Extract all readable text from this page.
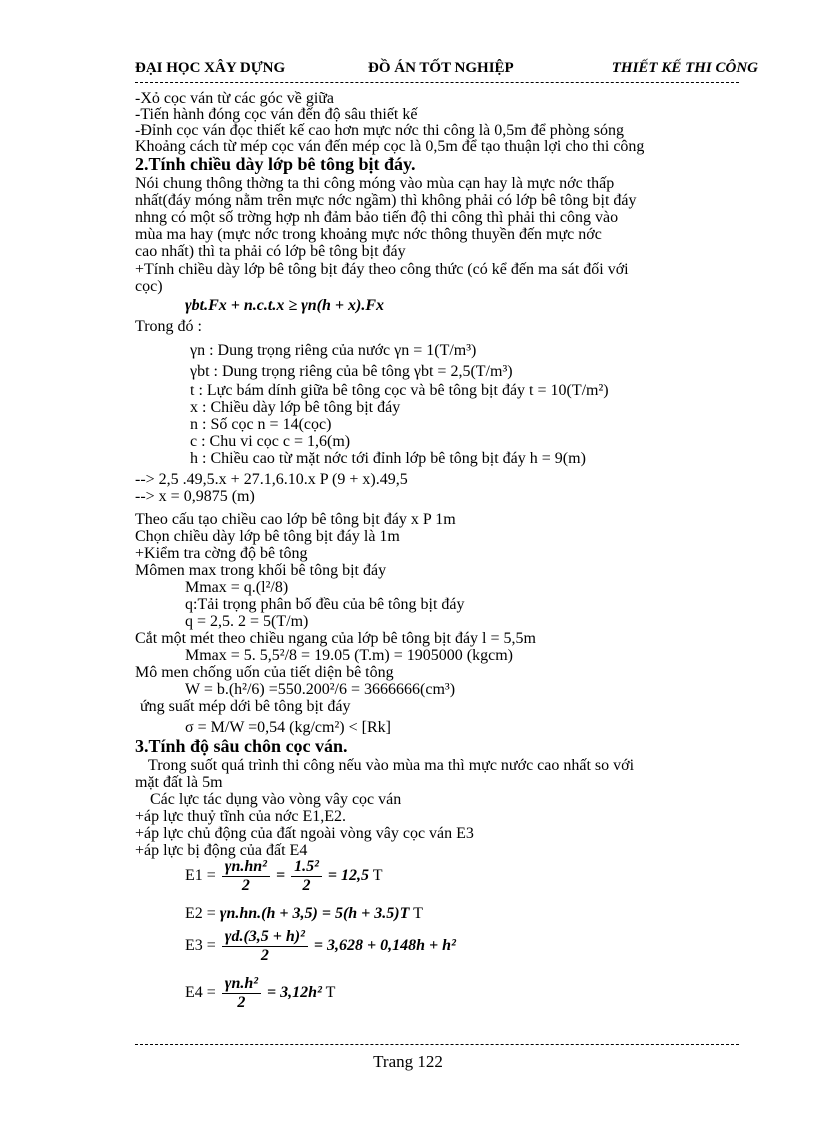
ĐẠI HỌC XÂY DỰNG	ĐỒ ÁN TỐT NGHIỆP	THIẾT KẾ THI CÔNG
-Xỏ cọc ván từ các góc về giữa
-Tiến hành đóng cọc ván đến độ sâu thiết kế
-Đỉnh cọc ván đọc thiết kế cao hơn mực nớc thi công là 0,5m để phòng sóng
Khoảng cách từ mép cọc ván đến mép cọc là 0,5m để tạo thuận lợi cho thi công
2.Tính chiều dày lớp bê tông bịt đáy.
Nói chung thông thờng ta thi công móng vào mùa cạn hay là mực nớc thấp
nhất(đáy móng nằm trên mực nớc ngầm) thì không phải có lớp bê tông bịt đáy
nhng có một số trờng hợp nh đảm bảo tiến độ thi công thì phải thi công vào
mùa ma hay (mực nớc trong khoảng mực nớc thông thuyền đến mực nớc
cao nhất) thì ta phải có lớp bê tông bịt đáy
+Tính chiều dày lớp bê tông bịt đáy theo công thức (có kể đến ma sát đối với
cọc)
γbt.Fx + n.c.t.x ≥ γn(h + x).Fx
Trong đó :
γn : Dung trọng riêng của nước γn = 1(T/m³)
γbt : Dung trọng riêng của bê tông γbt = 2,5(T/m³)
t : Lực bám dính giữa bê tông cọc và bê tông bịt đáy t = 10(T/m²)
x : Chiều dày lớp bê tông bịt đáy
n : Số cọc n = 14(cọc)
c : Chu vi cọc c = 1,6(m)
h : Chiều cao từ mặt nớc tới đỉnh lớp bê tông bịt đáy h = 9(m)
--> 2,5 .49,5.x + 27.1,6.10.x P (9 + x).49,5
--> x = 0,9875 (m)
Theo cấu tạo chiều cao lớp bê tông bịt đáy x P 1m
Chọn chiều dày lớp bê tông bịt đáy là 1m
+Kiểm tra cờng độ bê tông
Mômen max trong khối bê tông bịt đáy
Mmax = q.(l²/8)
q:Tải trọng phân bố đều của bê tông bịt đáy
q = 2,5. 2 = 5(T/m)
Cắt một mét theo chiều ngang của lớp bê tông bịt đáy l = 5,5m
Mmax = 5. 5,5²/8 = 19.05 (T.m) = 1905000 (kgcm)
Mô men chống uốn của tiết diện bê tông
W = b.(h²/6) =550.200²/6 = 3666666(cm³)
ứng suất mép dới bê tông bịt đáy
σ = M/W =0,54 (kg/cm²) < [Rk]
3.Tính độ sâu chôn cọc ván.
Trong suốt quá trình thi công nếu vào mùa ma thì mực nước cao nhất so với
mặt đất là 5m
Các lực tác dụng vào vòng vây cọc ván
+áp lực thuỷ tĩnh của nớc E1,E2.
+áp lực chủ động của đất ngoài vòng vây cọc ván E3
+áp lực bị động của đất E4
$E1 = \frac{\text{γn.hn²}}{2} = \frac{\text{1.5²}}{2} = 12,5$ T
E2 = γn.hn.(h + 3,5) = 5(h + 3.5)T T
$E3 = \frac{\text{γd.(3,5 + h)²}}{2} = 3,628 + 0,148h + h^2$
$E4 = \frac{\text{γn.h²}}{2} = 3,12h^2$ T
Trang 122
